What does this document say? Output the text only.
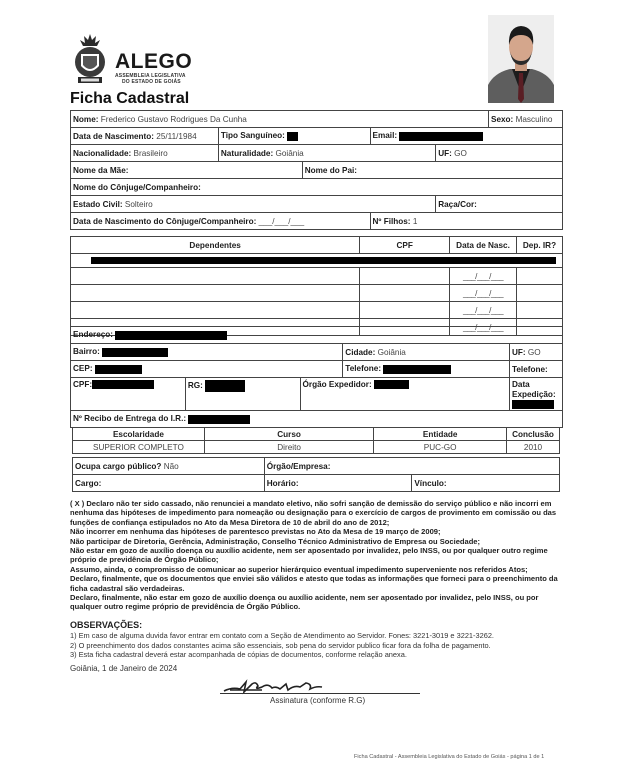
ALEGO
ASSEMBLEIA LEGISLATIVA
DO ESTADO DE GOIÁS
Ficha Cadastral
Nome: Frederico Gustavo Rodrigues Da Cunha					Sexo: Masculino
Data de Nascimento: 25/11/1984	Tipo Sanguíneo:		Email:		
Nacionalidade: Brasileiro	Naturalidade: Goiânia			UF: GO	
Nome da Mãe:		Nome do Pai:			
Nome do Cônjuge/Companheiro:					
Estado Civil: Solteiro				Raça/Cor:	
Data de Nascimento do Cônjuge/Companheiro: ___/___/___			Nº Filhos: 1		
Dependentes	CPF	Data de Nasc.	Dep. IR?

		___/___/___	
		___/___/___	
		___/___/___	
		___/___/___	
Endereço:				
Bairro:			Cidade: Goiânia	UF: GO
CEP:			Telefone:	Telefone:
CPF:	RG:	Órgão Expedidor:		Data Expedição:

Nº Recibo de Entrega do I.R.:				
Escolaridade	Curso	Entidade	Conclusão
SUPERIOR COMPLETO	Direito	PUC-GO	2010
Ocupa cargo público? Não	Órgão/Empresa:	
Cargo:	Horário:	Vínculo:
( X ) Declaro não ter sido cassado, não renunciei a mandato eletivo, não sofri sanção de demissão do serviço público e não incorri em nenhuma das hipóteses de impedimento para nomeação ou designação para o exercício de cargos de provimento em comissão ou das funções de confiança estipulados no Ato da Mesa Diretora de 10 de abril do ano de 2012;
Não incorrer em nenhuma das hipóteses de parentesco previstas no Ato da Mesa de 19 março de 2009;
Não participar de Diretoria, Gerência, Administração, Conselho Técnico Administrativo de Empresa ou Sociedade;
Não estar em gozo de auxílio doença ou auxílio acidente, nem ser aposentado por invalidez, pelo INSS, ou por qualquer outro regime próprio de previdência de Órgão Público;
Assumo, ainda, o compromisso de comunicar ao superior hierárquico eventual impedimento superveniente nos referidos Atos;
Declaro, finalmente, que os documentos que enviei são válidos e atesto que todas as informações que forneci para o preenchimento da ficha cadastral são verdadeiras.
Declaro, finalmente, não estar em gozo de auxílio doença ou auxílio acidente, nem ser aposentado por invalidez, pelo INSS, ou por qualquer outro regime próprio de previdência de Órgão Público.
OBSERVAÇÕES:
1) Em caso de alguma duvida favor entrar em contato com a Seção de Atendimento ao Servidor. Fones: 3221-3019 e 3221-3262.
2) O preenchimento dos dados constantes acima são essenciais, sob pena do servidor publico ficar fora da folha de pagamento.
3) Esta ficha cadastral deverá estar acompanhada de cópias de documentos, conforme relação anexa.
Goiânia, 1 de Janeiro de 2024
Assinatura (conforme R.G)
Ficha Cadastral - Assembleia Legislativa do Estado de Goiás - página 1 de 1
